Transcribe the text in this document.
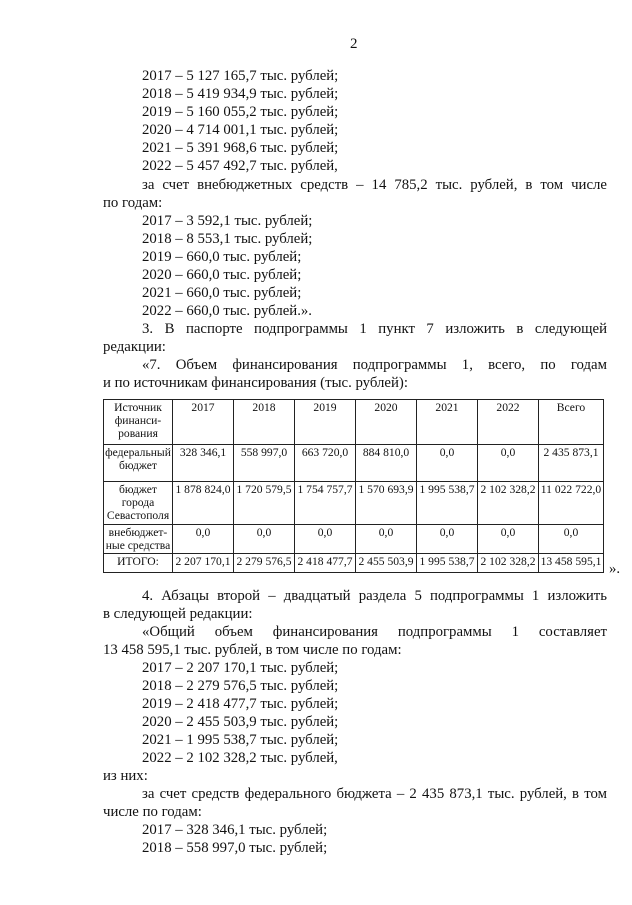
2
2017 – 5 127 165,7 тыс. рублей;
2018 – 5 419 934,9 тыс. рублей;
2019 – 5 160 055,2 тыс. рублей;
2020 – 4 714 001,1 тыс. рублей;
2021 – 5 391 968,6 тыс. рублей;
2022 – 5 457 492,7 тыс. рублей,
за счет внебюджетных средств – 14 785,2 тыс. рублей, в том числе
по годам:
2017 – 3 592,1 тыс. рублей;
2018 – 8 553,1 тыс. рублей;
2019 – 660,0 тыс. рублей;
2020 – 660,0 тыс. рублей;
2021 – 660,0 тыс. рублей;
2022 – 660,0 тыс. рублей.».
3. В паспорте подпрограммы 1 пункт 7 изложить в следующей
редакции:
«7. Объем финансирования подпрограммы 1, всего, по годам
и по источникам финансирования (тыс. рублей):
Источник финанси-рования	2017	2018	2019	2020	2021	2022	Всего
федеральный бюджет	328 346,1	558 997,0	663 720,0	884 810,0	0,0	0,0	2 435 873,1
бюджет города Севастополя	1 878 824,0	1 720 579,5	1 754 757,7	1 570 693,9	1 995 538,7	2 102 328,2	11 022 722,0
внебюджет-ные средства	0,0	0,0	0,0	0,0	0,0	0,0	0,0
ИТОГО:	2 207 170,1	2 279 576,5	2 418 477,7	2 455 503,9	1 995 538,7	2 102 328,2	13 458 595,1 ».
4. Абзацы второй – двадцатый раздела 5 подпрограммы 1 изложить
в следующей редакции:
«Общий объем финансирования подпрограммы 1 составляет
13 458 595,1 тыс. рублей, в том числе по годам:
2017 – 2 207 170,1 тыс. рублей;
2018 – 2 279 576,5 тыс. рублей;
2019 – 2 418 477,7 тыс. рублей;
2020 – 2 455 503,9 тыс. рублей;
2021 – 1 995 538,7 тыс. рублей;
2022 – 2 102 328,2 тыс. рублей,
из них:
за счет средств федерального бюджета – 2 435 873,1 тыс. рублей, в том
числе по годам:
2017 – 328 346,1 тыс. рублей;
2018 – 558 997,0 тыс. рублей;
